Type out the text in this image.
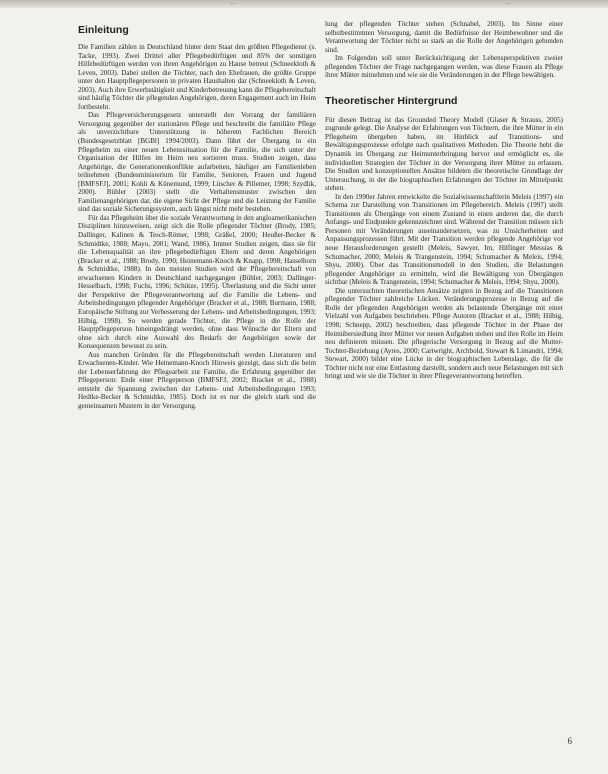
…	…
Einleitung

Die Familien zählen in Deutschland hinter dem Staat den größten Pflegedienst (s. Tacke, 1993). Zwei Drittel aller Pflegebedürftigen und 85% der sonstigen Hilfebedürftigen werden von ihren Angehörigen zu Hause betreut (Schneekloth & Leven, 2003). Dabei stellen die Töchter, nach den Ehefrauen, die größte Gruppe unter den Hauptpflegepersonen in privaten Haushalten dar (Schneekloth & Leven, 2003). Auch ihre Erwerbstätigkeit und Kinderbetreuung kann die Pflegebereitschaft sind häufig Töchter die pflegenden Angehörigen, deren Engagement auch im Heim fortbesteht.

Das Pflegeversicherungsgesetz unterstellt den Vorrang der familiären Versorgung gegenüber der stationären Pflege und beschreibt die familiäre Pflege als unverzichtbare Unterstützung in höherem Fachlichen Bereich (Bundesgesetzblatt [BGBl] 1994/2003). Dann führt der Übergang in ein Pflegeheim zu einer neuen Lebenssituation für die Familie, die sich unter der Organisation der Hilfen im Heim neu sortieren muss. Studien zeigen, dass Angehörige, die Generationenkonflikte aufarbeiten, häufiger am Familienleben teilnehmen (Bundesministerium für Familie, Senioren, Frauen und Jugend [BMFSFJ], 2001; Kohli & Künemund, 1999; Lüscher & Pillemer, 1998; Szydlik, 2000). Bühler (2003) stellt die Verhaltensmuster zwischen den Familienangehörigen dar, die eigene Sicht der Pflege und die Leistung der Familie sind das soziale Sicherungssystem, auch längst nicht mehr bestehen.

Für das Pflegeheim über die soziale Verantwortung in den angloamerikanischen Disziplinen hinzuweisen, zeigt sich die Rolle pflegender Töchter (Brody, 1985; Dallinger, Kalinen & Tesch-Römer, 1998; Gräßel, 2000; Heußer-Becker & Schmidtke, 1988; Mayo, 2001; Wand, 1986). Immer Studien zeigen, dass sie für die Lebensqualität an ihre pflegebedürftigen Eltern und deren Angehörigen (Bracker et al., 1988; Brody, 1990; Heinemann-Knoch & Knapp, 1998; Hasselhorn & Schmidtke, 1988). In den meisten Studien wird der Pflegebereitschaft von erwachsenen Kindern in Deutschland nachgegangen (Bühler, 2003; Dallinger-Hesselbach, 1998; Fuchs, 1996; Schütze, 1995). Überlastung und die Sicht unter der Perspektive der Pflegeverantwortung auf die Familie die Lebens- und Arbeitsbedingungen pflegender Angehöriger (Bracker et al., 1988; Burmann, 1988; Europäische Stiftung zur Verbesserung der Lebens- und Arbeitsbedingungen, 1993; Hilbig, 1998). So werden gerade Töchter, die Pflege in die Rolle der Hauptpflegeperson hineingedrängt werden, ohne dass Wünsche der Eltern und ohne sich durch eine Auswahl des Bedarfs der Angehörigen sowie der Konsequenzen bewusst zu sein.

Aus manchen Gründen für die Pflegebereitschaft werden Literaturen und Erwachsenen-Kinder. Wie Heinemann-Knoch Hinweis gezeigt, dass sich die beim der Lebenserfahrung der Pflegearbeit zur Familie, die Erfahrung gegenüber der Pflegeperson: Ende einer Pflegeperson (BMFSFJ, 2002; Bracker et al., 1988) entsteht die Spannung zwischen der Lebens- und Arbeitsbedingungen 1993; Hedtke-Becker & Schmidtke, 1985). Doch ist es nur die gleich stark und die gemeinsamen Mustern in der Versorgung.

lung der pflegenden Töchter stehen (Schnabel, 2003). Im Sinne einer selbstbestimmten Versorgung, damit die Bedürfnisse der Heimbewohner und die Verantwortung der Töchter nicht so stark an die Rolle der Angehörigen gebunden sind.

Im Folgenden soll unter Berücksichtigung der Lebensperspektiven zweier pflegenden Töchter der Frage nachgegangen werden, was diese Frauen als Pflege ihrer Mütter mitnehmen und wie sie die Veränderungen in der Pflege bewältigen.

Theoretischer Hintergrund

Für diesen Beitrag ist das Grounded Theory Modell (Glaser & Strauss, 2005) zugrunde gelegt. Die Analyse der Erfahrungen von Töchtern, die ihre Mütter in ein Pflegeheim übergeben haben, im Hinblick auf Transitions- und Bewältigungsprozesse erfolgte nach qualitativen Methoden. Die Theorie hebt die Dynamik im Übergang zur Heimunterbringung hervor und ermöglicht es, die individuellen Strategien der Töchter in der Versorgung ihrer Mütter zu erfassen. Die Studien und konzeptionellen Ansätze bildeten die theoretische Grundlage der Untersuchung, in der die biographischen Erfahrungen der Töchter im Mittelpunkt stehen.

In den 1990er Jahren entwickelte die Sozialwissenschaftlerin Meleis (1997) ein Schema zur Darstellung von Transitionen im Pflegebereich. Meleis (1997) stellt Transitionen als Übergänge von einem Zustand in einen anderen dar, die durch Anfangs- und Endpunkte gekennzeichnet sind. Während der Transition müssen sich Personen mit Veränderungen auseinandersetzen, was zu Unsicherheiten und Anpassungsprozessen führt. Mit der Transition werden pflegende Angehörige vor neue Herausforderungen gestellt (Meleis, Sawyer, Im, Hilfinger Messias & Schumacher, 2000; Meleis & Trangenstein, 1994; Schumacher & Meleis, 1994; Shyu, 2000). Über das Transitionsmodell in den Studien, die Belastungen pflegender Angehöriger zu ermitteln, wird die Bewältigung von Übergängen sichtbar (Meleis & Trangenstein, 1994; Schumacher & Meleis, 1994; Shyu, 2000).

Die untersuchten theoretischen Ansätze zeigten in Bezug auf die Transitionen pflegender Töchter zahlreiche Lücken. Veränderungsprozesse in Bezug auf die Rolle der pflegenden Angehörigen werden als belastende Übergänge mit einer Vielzahl von Aufgaben beschrieben. Pflege Autoren (Bracker et al., 1988; Hilbig, 1998; Schnepp, 2002) beschreiben, dass pflegende Töchter in der Phase der Heimübersiedlung ihrer Mütter vor neuen Aufgaben stehen und ihre Rolle im Heim neu definieren müssen. Die pflegerische Versorgung in Bezug auf die Mutter-Tochter-Beziehung (Ayres, 2000; Cartwright, Archbold, Stewart & Limandri, 1994; Stewart, 2000) bildet eine Lücke in der biographischen Lebenslage, die für die Töchter nicht nur eine Entlastung darstellt, sondern auch neue Belastungen mit sich bringt und wie sie die Töchter in ihrer Pflegeverantwortung betreffen.

6
